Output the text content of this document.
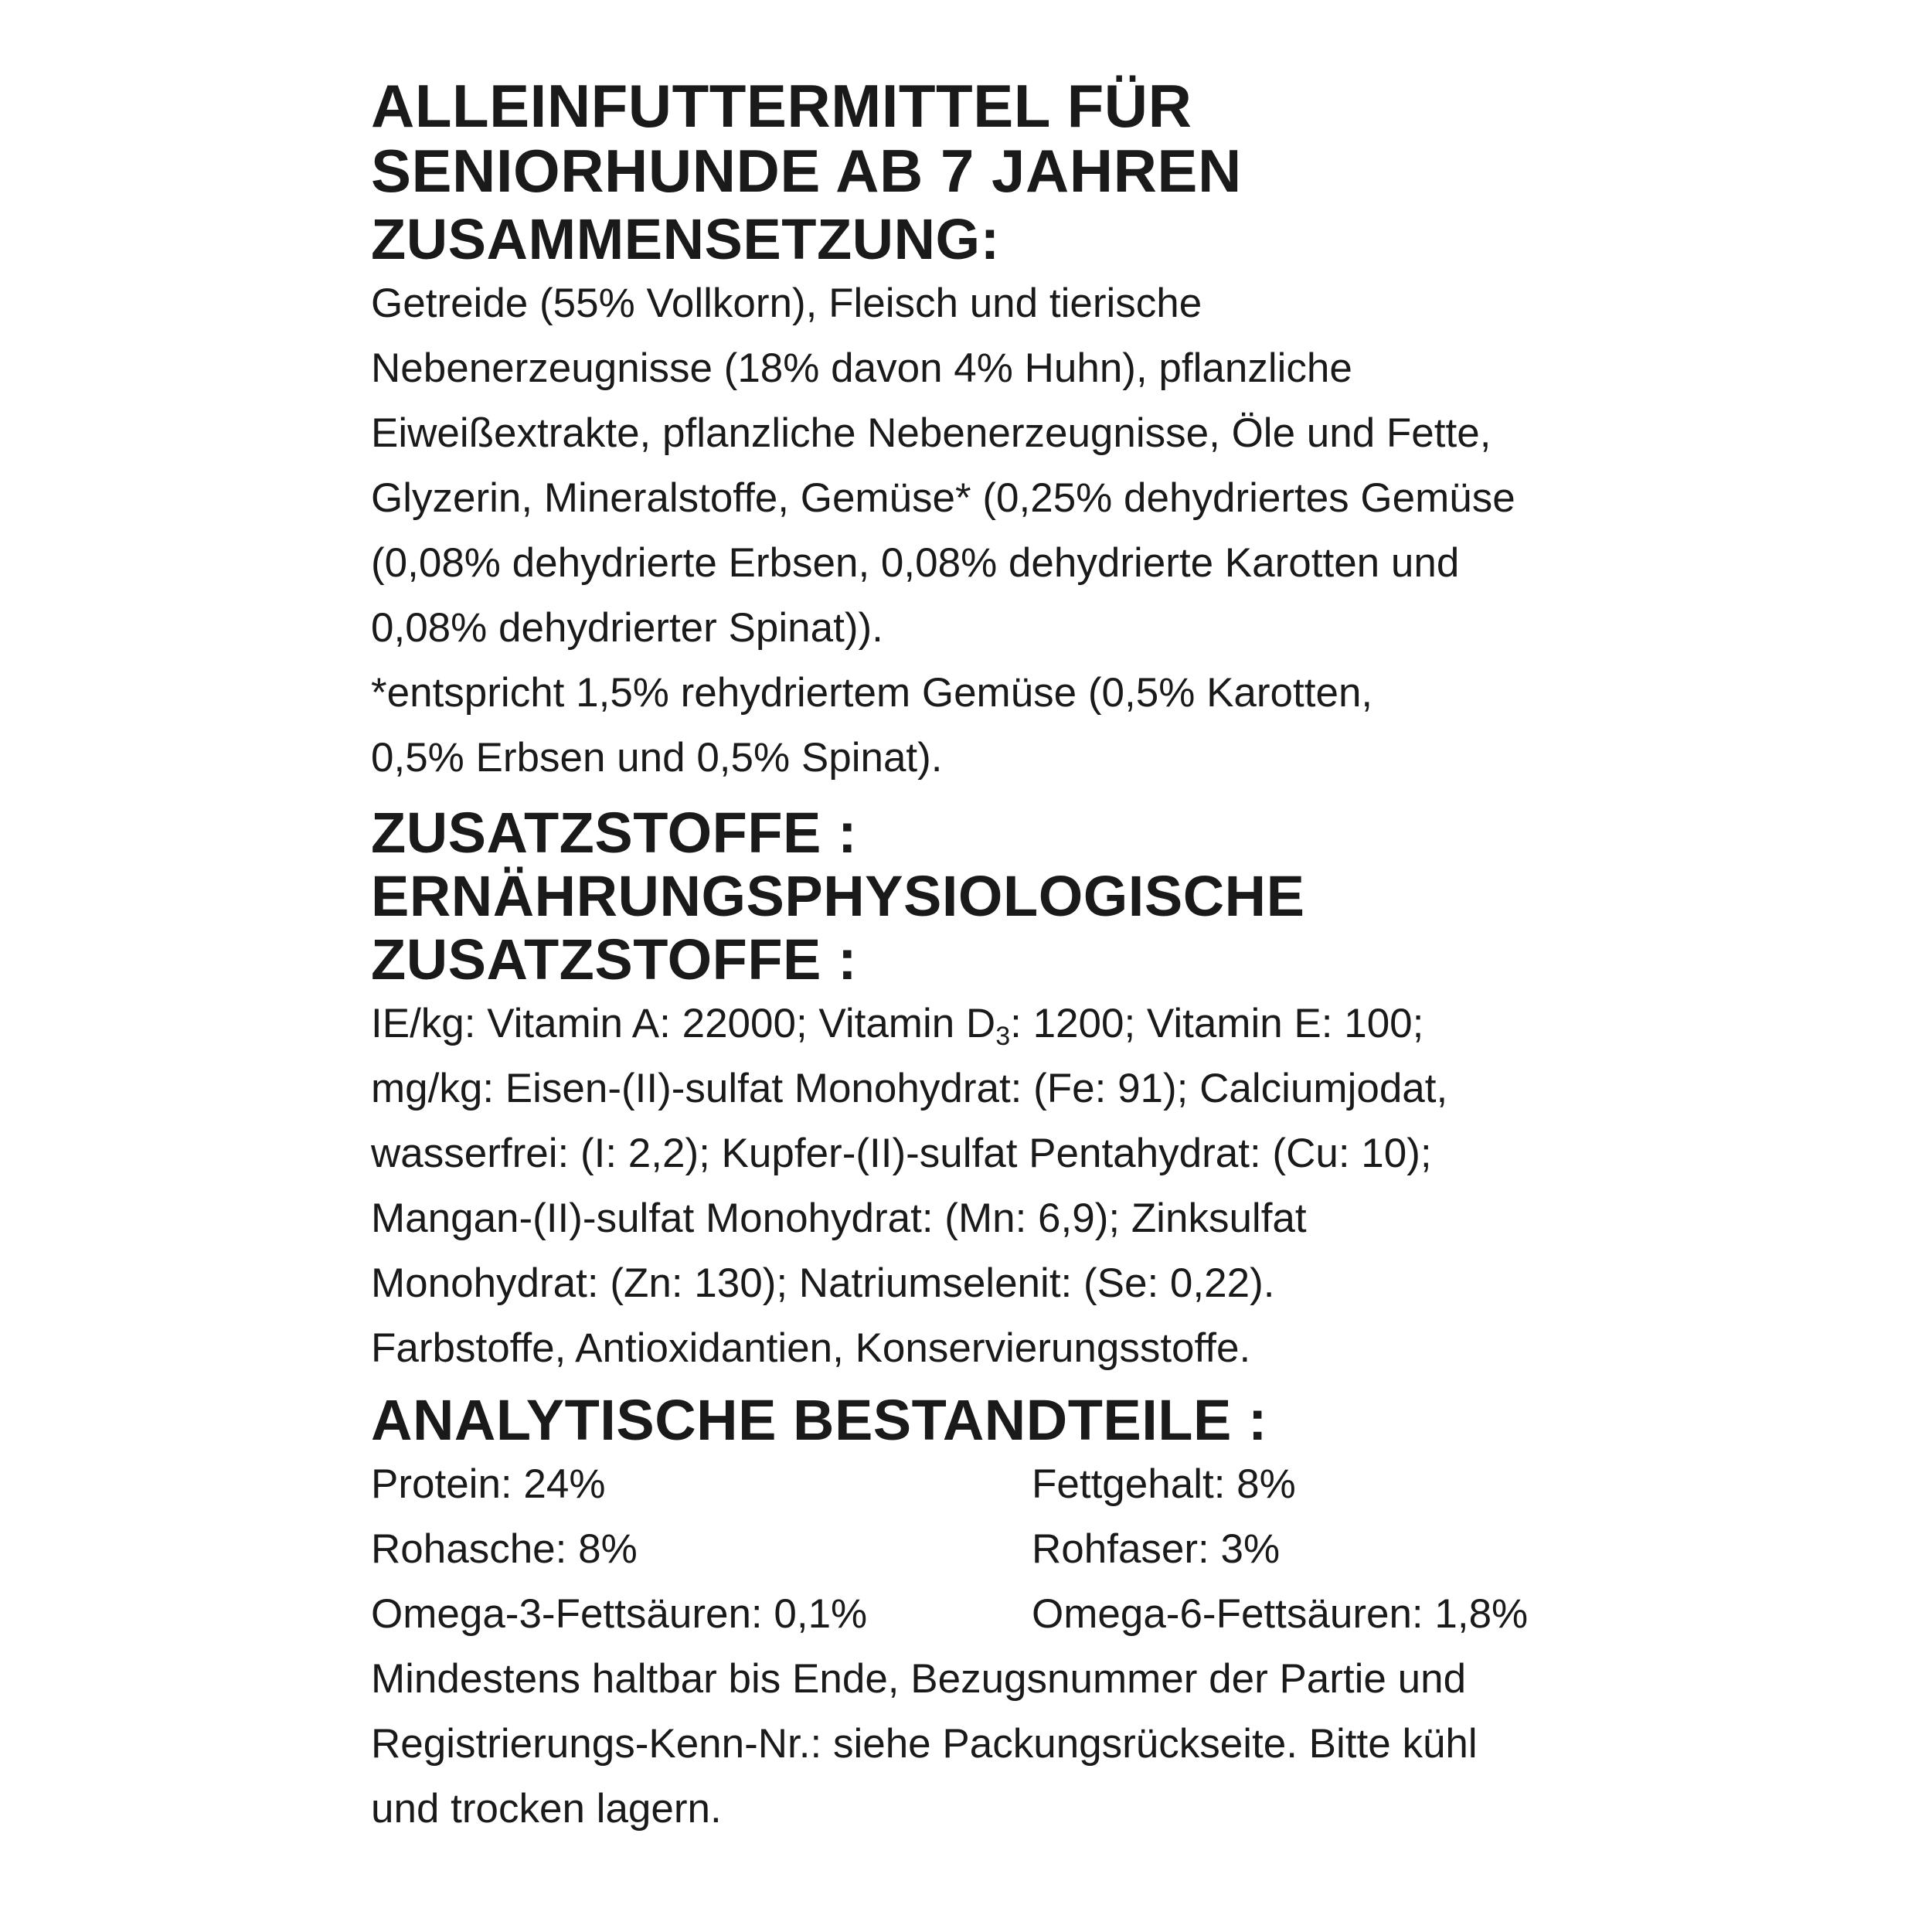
ALLEINFUTTERMITTEL FÜR
SENIORHUNDE AB 7 JAHREN
ZUSAMMENSETZUNG:
Getreide (55% Vollkorn), Fleisch und tierische
Nebenerzeugnisse (18% davon 4% Huhn), pflanzliche
Eiweißextrakte, pflanzliche Nebenerzeugnisse, Öle und Fette,
Glyzerin, Mineralstoffe, Gemüse* (0,25% dehydriertes Gemüse
(0,08% dehydrierte Erbsen, 0,08% dehydrierte Karotten und
0,08% dehydrierter Spinat)).
*entspricht 1,5% rehydriertem Gemüse (0,5% Karotten,
0,5% Erbsen und 0,5% Spinat).
ZUSATZSTOFFE :
ERNÄHRUNGSPHYSIOLOGISCHE
ZUSATZSTOFFE :
IE/kg: Vitamin A: 22000; Vitamin $D_3$: 1200; Vitamin E: 100;
mg/kg: Eisen-(II)-sulfat Monohydrat: (Fe: 91); Calciumjodat,
wasserfrei: (I: 2,2); Kupfer-(II)-sulfat Pentahydrat: (Cu: 10);
Mangan-(II)-sulfat Monohydrat: (Mn: 6,9); Zinksulfat
Monohydrat: (Zn: 130); Natriumselenit: (Se: 0,22).
Farbstoffe, Antioxidantien, Konservierungsstoffe.
ANALYTISCHE BESTANDTEILE :
Protein: 24%	Fettgehalt: 8%
Rohasche: 8%	Rohfaser: 3%
Omega-3-Fettsäuren: 0,1%	Omega-6-Fettsäuren: 1,8%
Mindestens haltbar bis Ende, Bezugsnummer der Partie und
Registrierungs-Kenn-Nr.: siehe Packungsrückseite. Bitte kühl
und trocken lagern.
